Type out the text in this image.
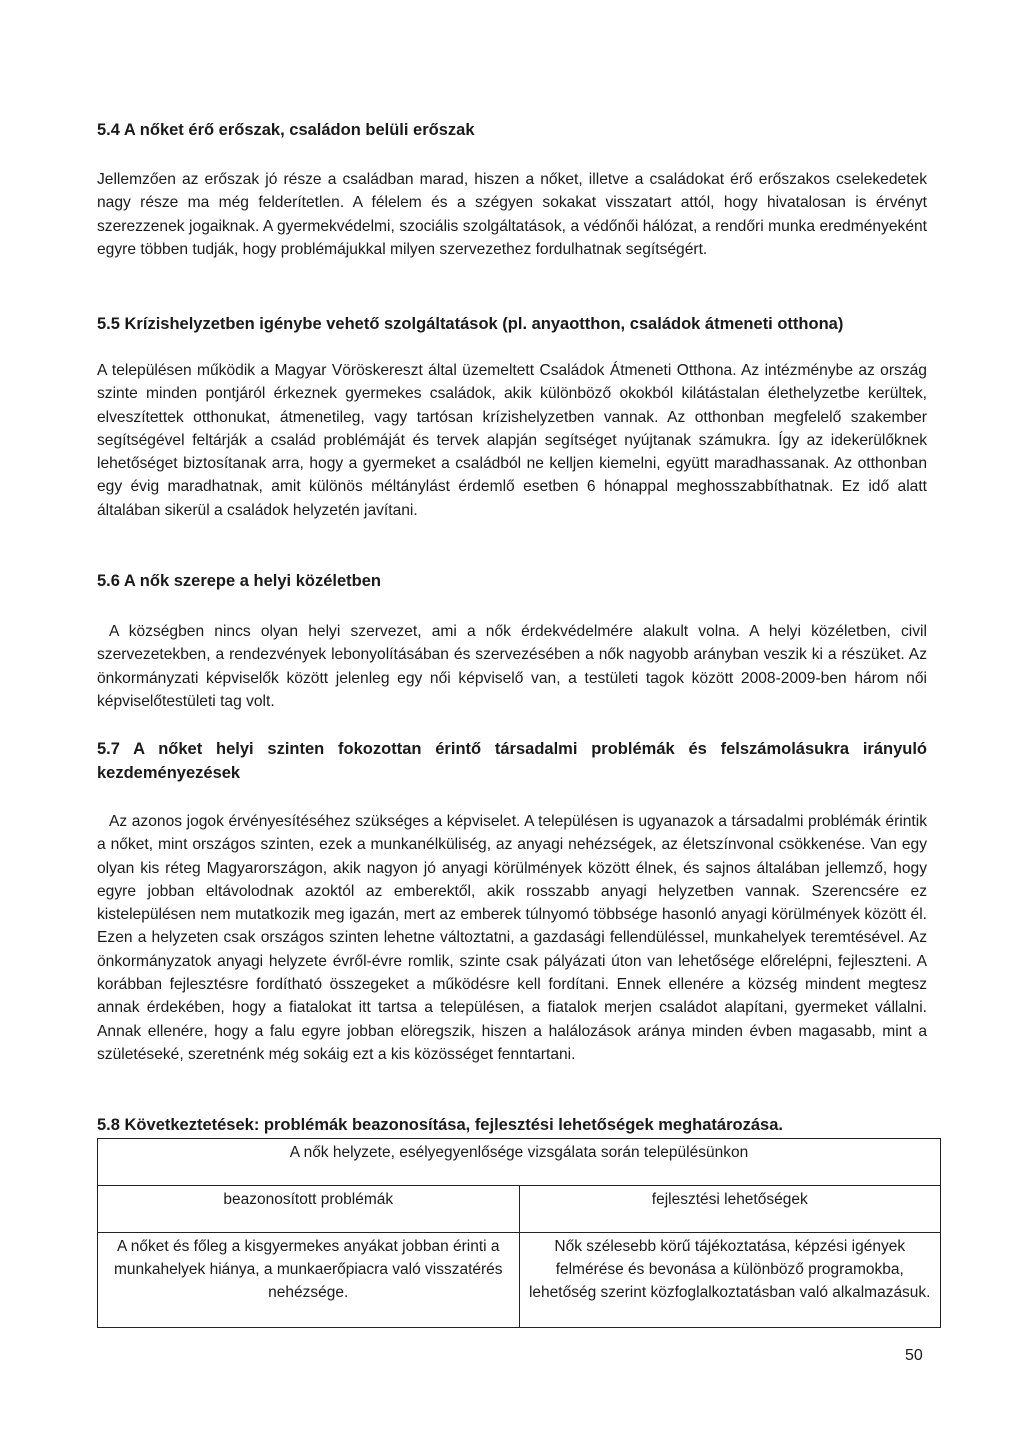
5.4 A nőket érő erőszak, családon belüli erőszak

Jellemzően az erőszak jó része a családban marad, hiszen a nőket, illetve a családokat érő erőszakos cselekedetek nagy része ma még felderítetlen. A félelem és a szégyen sokakat visszatart attól, hogy hivatalosan is érvényt szerezzenek jogaiknak. A gyermekvédelmi, szociális szolgáltatások, a védőnői hálózat, a rendőri munka eredményeként egyre többen tudják, hogy problémájukkal milyen szervezethez fordulhatnak segítségért.

5.5 Krízishelyzetben igénybe vehető szolgáltatások (pl. anyaotthon, családok átmeneti otthona)

A településen működik a Magyar Vöröskereszt által üzemeltett Családok Átmeneti Otthona. Az intézménybe az ország szinte minden pontjáról érkeznek gyermekes családok, akik különböző okokból kilátástalan élethelyzetbe kerültek, elveszítettek otthonukat, átmenetileg, vagy tartósan krízishelyzetben vannak. Az otthonban megfelelő szakember segítségével feltárják a család problémáját és tervek alapján segítséget nyújtanak számukra. Így az idekerülőknek lehetőséget biztosítanak arra, hogy a gyermeket a családból ne kelljen kiemelni, együtt maradhassanak. Az otthonban egy évig maradhatnak, amit különös méltánylást érdemlő esetben 6 hónappal meghosszabbíthatnak. Ez idő alatt általában sikerül a családok helyzetén javítani.

5.6 A nők szerepe a helyi közéletben

A községben nincs olyan helyi szervezet, ami a nők érdekvédelmére alakult volna. A helyi közéletben, civil szervezetekben, a rendezvények lebonyolításában és szervezésében a nők nagyobb arányban veszik ki a részüket. Az önkormányzati képviselők között jelenleg egy női képviselő van, a testületi tagok között 2008-2009-ben három női képviselőtestületi tag volt.

5.7 A nőket helyi szinten fokozottan érintő társadalmi problémák és felszámolásukra irányuló kezdeményezések

Az azonos jogok érvényesítéséhez szükséges a képviselet. A településen is ugyanazok a társadalmi problémák érintik a nőket, mint országos szinten, ezek a munkanélküliség, az anyagi nehézségek, az életszínvonal csökkenése. Van egy olyan kis réteg Magyarországon, akik nagyon jó anyagi körülmények között élnek, és sajnos általában jellemző, hogy egyre jobban eltávolodnak azoktól az emberektől, akik rosszabb anyagi helyzetben vannak. Szerencsére ez kistelepülésen nem mutatkozik meg igazán, mert az emberek túlnyomó többsége hasonló anyagi körülmények között él. Ezen a helyzeten csak országos szinten lehetne változtatni, a gazdasági fellendüléssel, munkahelyek teremtésével. Az önkormányzatok anyagi helyzete évről-évre romlik, szinte csak pályázati úton van lehetősége előrelépni, fejleszteni. A korábban fejlesztésre fordítható összegeket a működésre kell fordítani. Ennek ellenére a község mindent megtesz annak érdekében, hogy a fiatalokat itt tartsa a településen, a fiatalok merjen családot alapítani, gyermeket vállalni. Annak ellenére, hogy a falu egyre jobban elöregszik, hiszen a halálozások aránya minden évben magasabb, mint a születéseké, szeretnénk még sokáig ezt a kis közösséget fenntartani.

5.8 Következtetések: problémák beazonosítása, fejlesztési lehetőségek meghatározása.
A nők helyzete, esélyegyenlősége vizsgálata során településünkon	
beazonosított problémák	fejlesztési lehetőségek
A nőket és főleg a kisgyermekes anyákat jobban érinti a munkahelyek hiánya, a munkaerőpiacra való visszatérés nehézsége.	Nők szélesebb körű tájékoztatása, képzési igények felmérése és bevonása a különböző programokba, lehetőség szerint közfoglalkoztatásban való alkalmazásuk.
50
